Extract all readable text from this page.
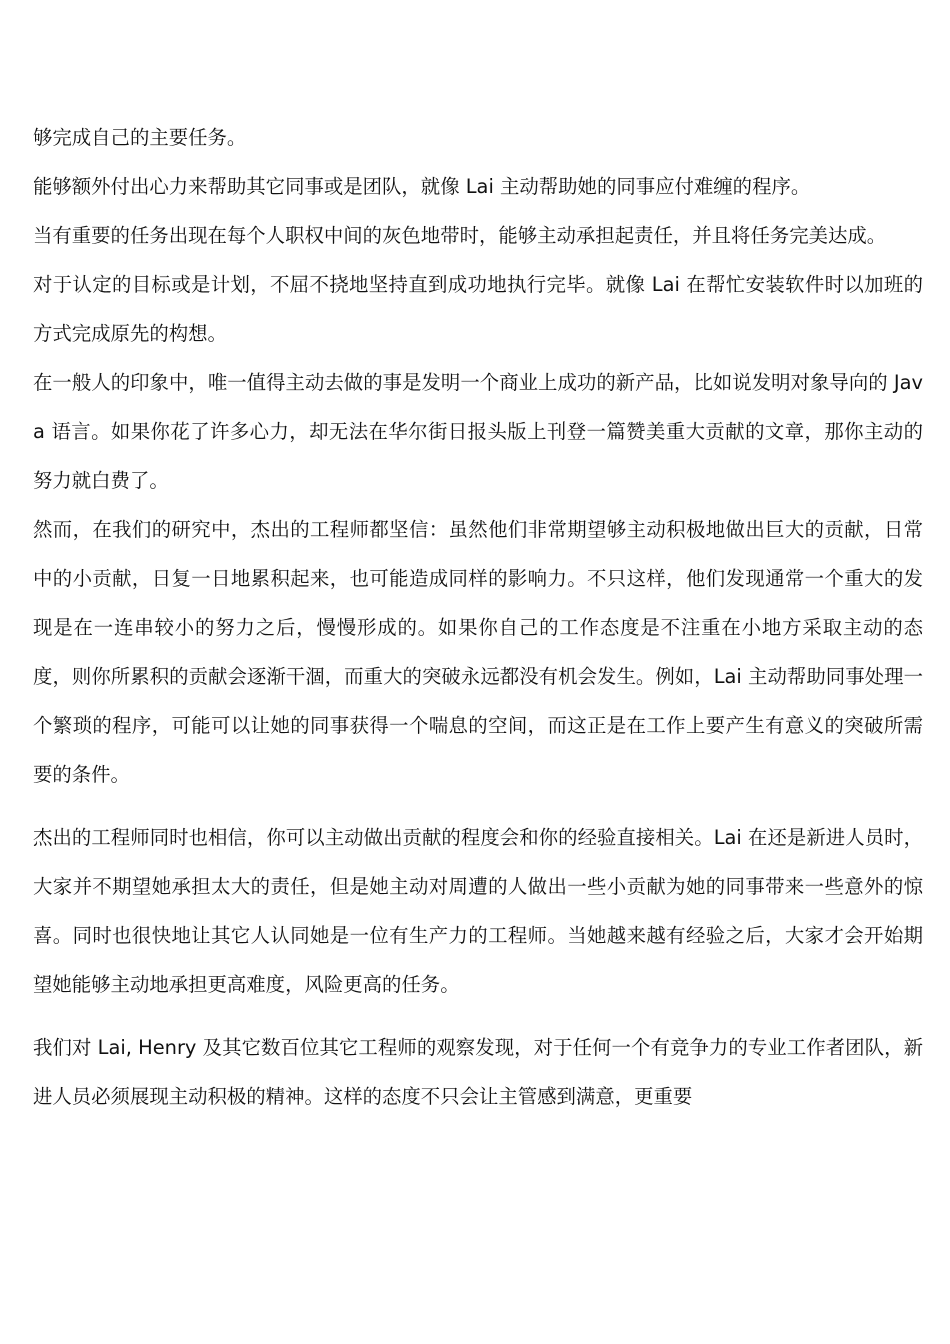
够完成自己的主要任务。

能够额外付出心力来帮助其它同事或是团队，就像 Lai 主动帮助她的同事应付难缠的程序。

当有重要的任务出现在每个人职权中间的灰色地带时，能够主动承担起责任，并且将任务完美达成。

对于认定的目标或是计划，不屈不挠地坚持直到成功地执行完毕。就像 Lai 在帮忙安装软件时以加班的方式完成原先的构想。

在一般人的印象中，唯一值得主动去做的事是发明一个商业上成功的新产品，比如说发明对象导向的 Java 语言。如果你花了许多心力，却无法在华尔街日报头版上刊登一篇赞美重大贡献的文章，那你主动的努力就白费了。

然而，在我们的研究中，杰出的工程师都坚信：虽然他们非常期望够主动积极地做出巨大的贡献，日常中的小贡献，日复一日地累积起来，也可能造成同样的影响力。不只这样，他们发现通常一个重大的发现是在一连串较小的努力之后，慢慢形成的。如果你自己的工作态度是不注重在小地方采取主动的态度，则你所累积的贡献会逐渐干涸，而重大的突破永远都没有机会发生。例如，Lai 主动帮助同事处理一个繁琐的程序，可能可以让她的同事获得一个喘息的空间，而这正是在工作上要产生有意义的突破所需要的条件。

杰出的工程师同时也相信，你可以主动做出贡献的程度会和你的经验直接相关。Lai 在还是新进人员时，大家并不期望她承担太大的责任，但是她主动对周遭的人做出一些小贡献为她的同事带来一些意外的惊喜。同时也很快地让其它人认同她是一位有生产力的工程师。当她越来越有经验之后，大家才会开始期望她能够主动地承担更高难度，风险更高的任务。

我们对 Lai, Henry 及其它数百位其它工程师的观察发现，对于任何一个有竞争力的专业工作者团队，新进人员必须展现主动积极的精神。这样的态度不只会让主管感到满意，更重要
